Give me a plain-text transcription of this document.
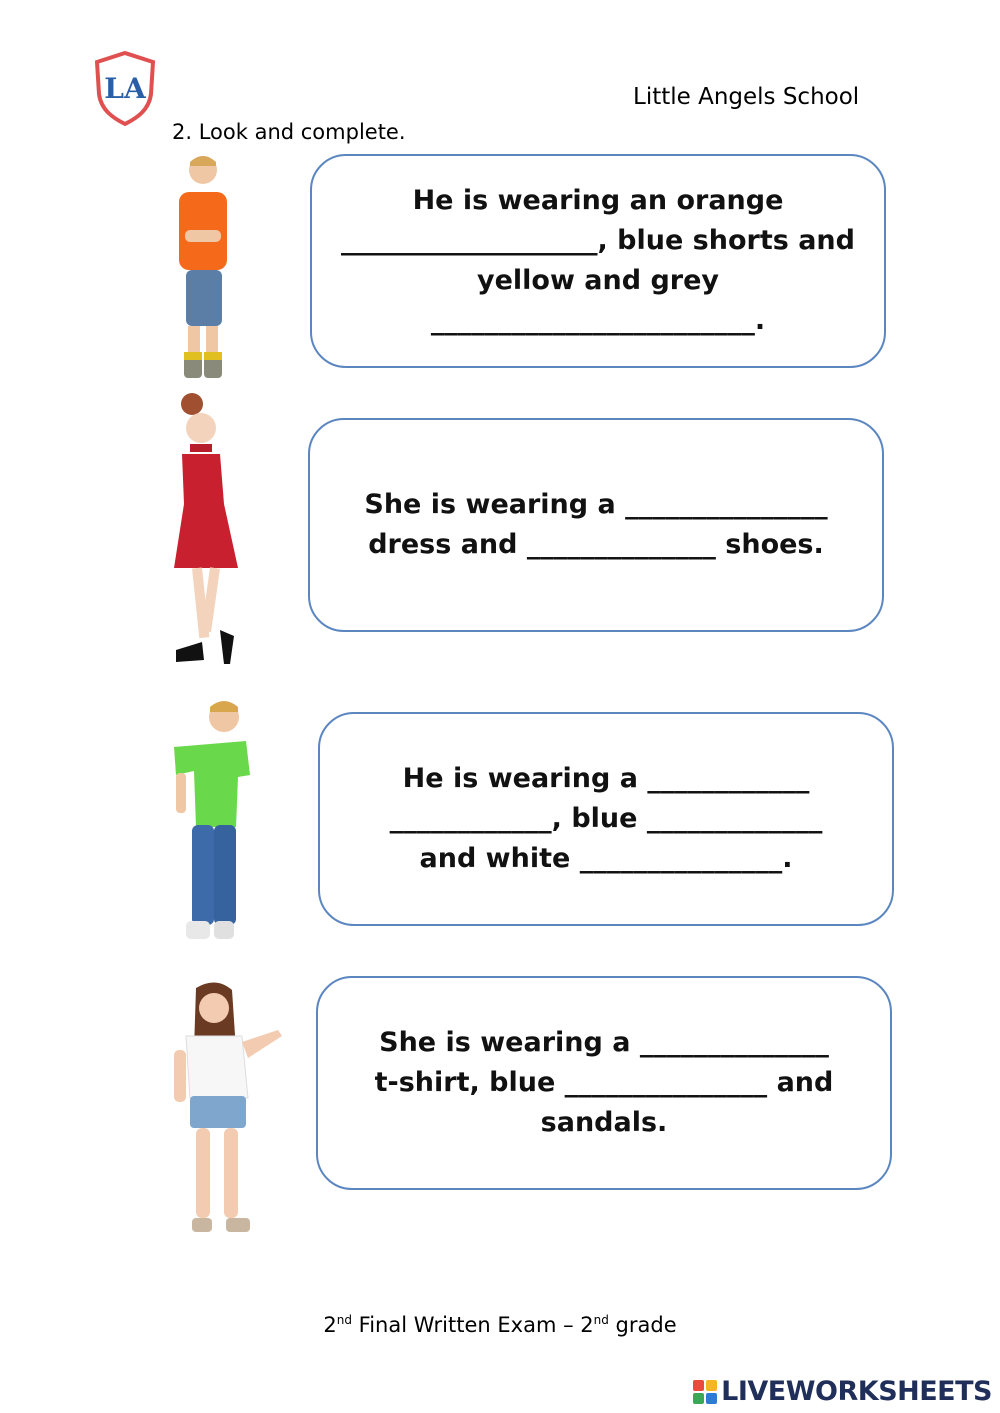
LA	Little Angels School
2. Look and complete.
He is wearing an orange
___________________, blue shorts and
yellow and grey
________________________.
She is wearing a _______________
dress and ______________ shoes.
He is wearing a ____________
____________, blue _____________
and white _______________.
She is wearing a ______________
t-shirt, blue _______________ and
sandals.
2nd Final Written Exam – 2nd grade
LIVEWORKSHEETS
